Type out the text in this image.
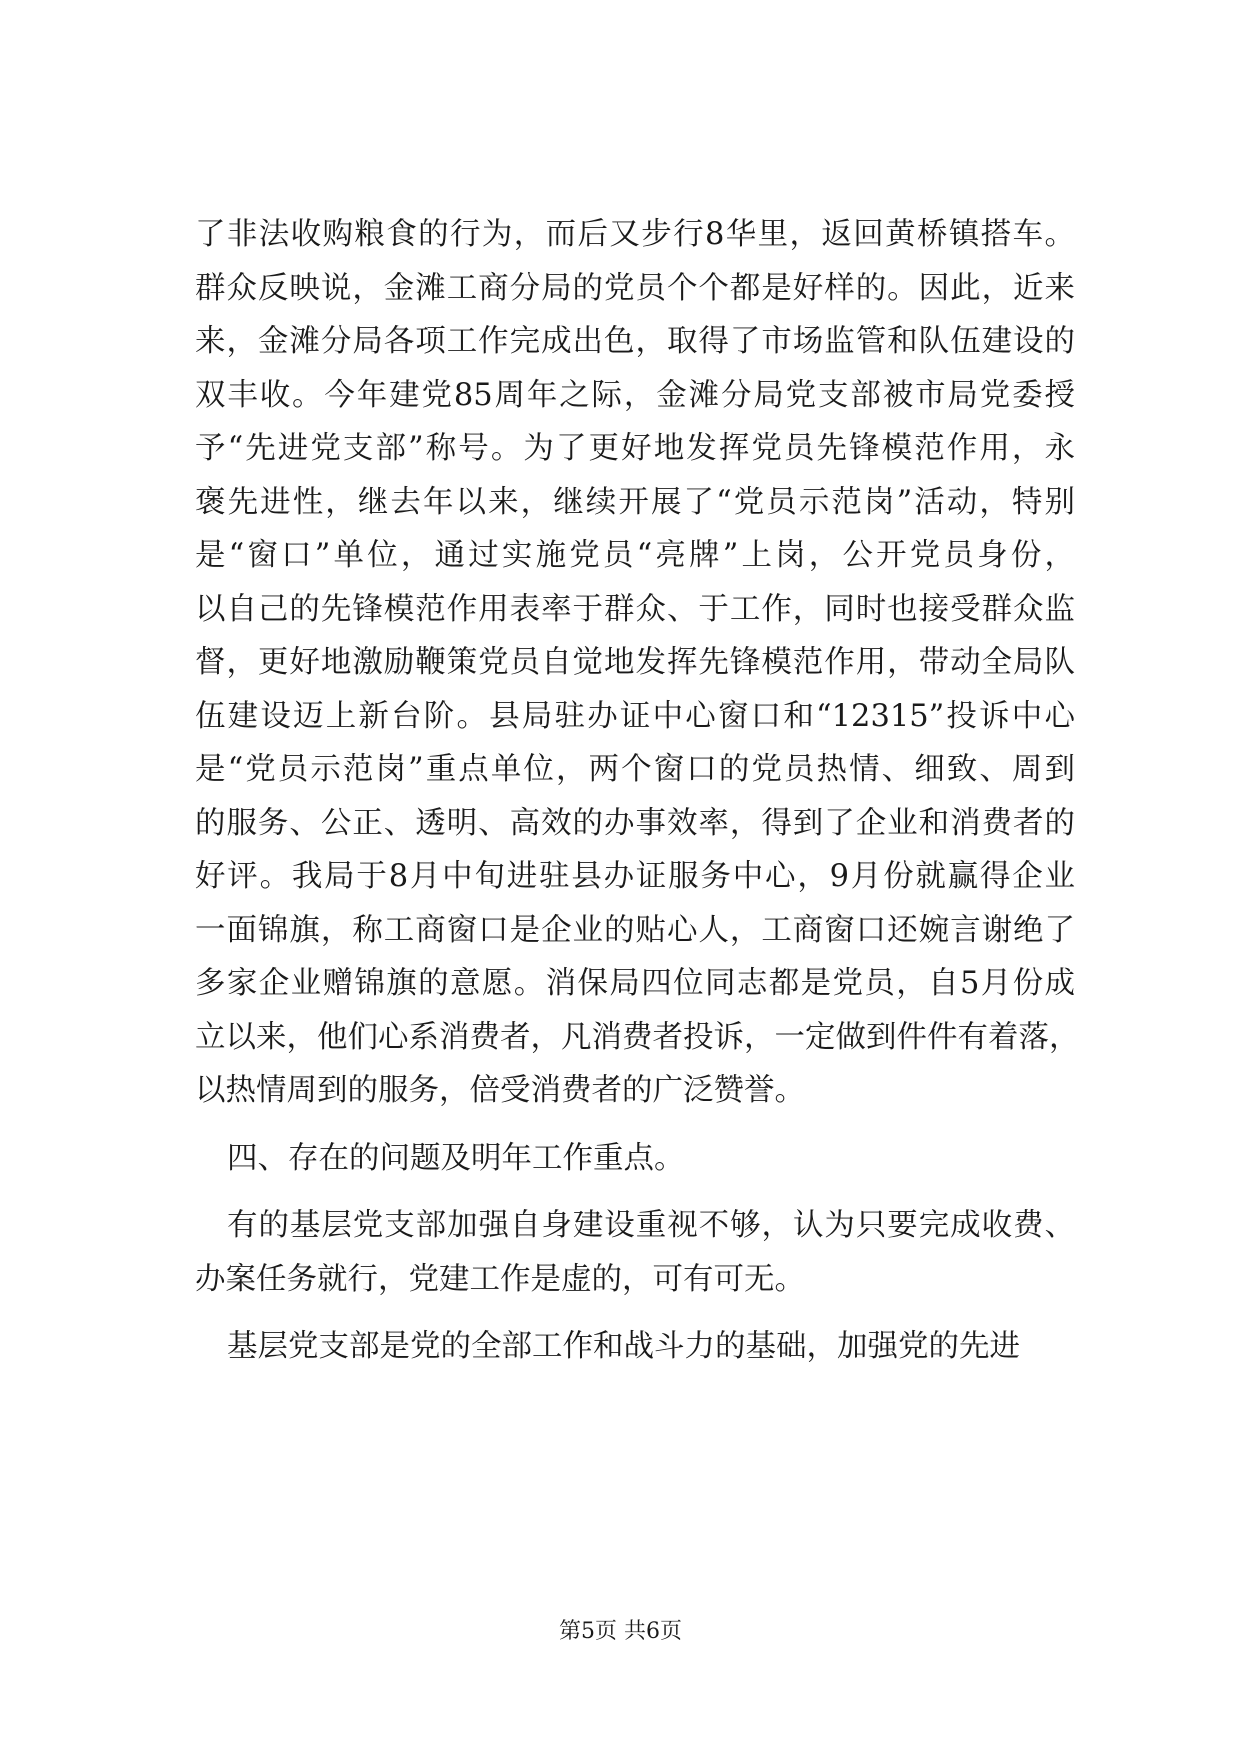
了非法收购粮食的行为，而后又步行8华里，返回黄桥镇搭车。
群众反映说，金滩工商分局的党员个个都是好样的。因此，近来
来，金滩分局各项工作完成出色，取得了市场监管和队伍建设的
双丰收。今年建党85周年之际，金滩分局党支部被市局党委授
予“先进党支部”称号。为了更好地发挥党员先锋模范作用，永
褒先进性，继去年以来，继续开展了“党员示范岗”活动，特别
是“窗口”单位，通过实施党员“亮牌”上岗，公开党员身份，
以自己的先锋模范作用表率于群众、于工作，同时也接受群众监
督，更好地激励鞭策党员自觉地发挥先锋模范作用，带动全局队
伍建设迈上新台阶。县局驻办证中心窗口和“12315”投诉中心
是“党员示范岗”重点单位，两个窗口的党员热情、细致、周到
的服务、公正、透明、高效的办事效率，得到了企业和消费者的
好评。我局于8月中旬进驻县办证服务中心，9月份就赢得企业
一面锦旗，称工商窗口是企业的贴心人，工商窗口还婉言谢绝了
多家企业赠锦旗的意愿。消保局四位同志都是党员，自5月份成
立以来，他们心系消费者，凡消费者投诉，一定做到件件有着落，
以热情周到的服务，倍受消费者的广泛赞誉。
四、存在的问题及明年工作重点。
有的基层党支部加强自身建设重视不够，认为只要完成收费、
办案任务就行，党建工作是虚的，可有可无。
基层党支部是党的全部工作和战斗力的基础，加强党的先进
第5页 共6页
